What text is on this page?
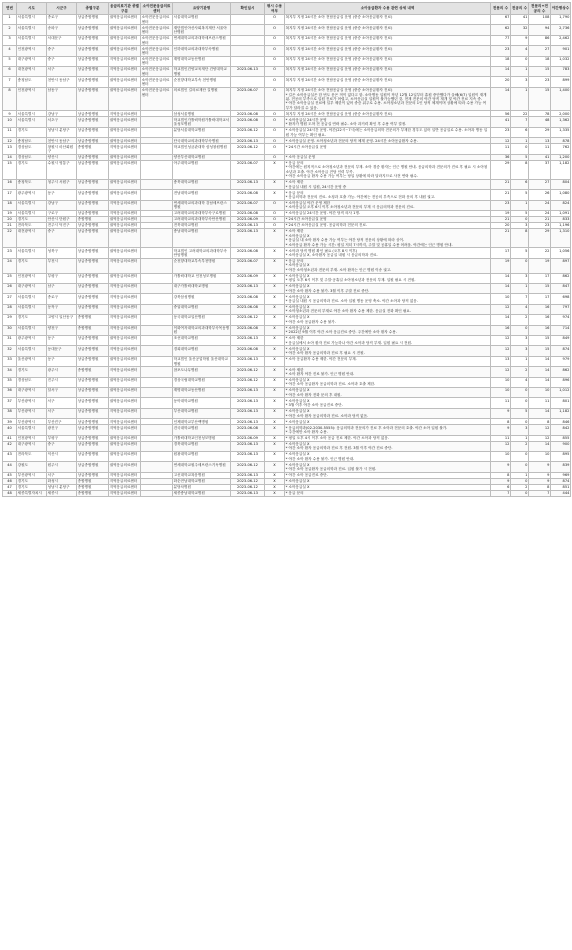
연번	시도	시군구	종별구분	응급의료기관 종별구분	소아전문응급의료센터	요양기관명	확인일시	평시 수용 여부	소아응급환자 수용 관련 상세 내역	전문의 수	전공의 수	전문의+전공의 수	야간병상수
1	서울특별시	종로구	상급종합병원	권역응급의료센터	소아전문응급의료센터	서울대학교병원		O	복지부 지정 24시간 소아 전담응급실 운영 (중증 소아응급환자 진료)	67	41	108	1,790
2	서울특별시	송파구	상급종합병원	권역응급의료센터	소아전문응급의료센터	재단법인아산사회복지재단 서울아산병원		O	복지부 지정 24시간 소아 전담응급실 운영 (중증 소아응급환자 진료)	62	32	94	2,736
3	서울특별시	서대문구	상급종합병원	권역응급의료센터	소아전문응급의료센터	연세대학교의과대학세브란스병원		O	복지부 지정 24시간 소아 전담응급실 운영 (중증 소아응급환자 진료)	77	9	86	2,462
4	인천광역시	중구	상급종합병원	권역응급의료센터	소아전문응급의료센터	인하대학교의과대학부속병원		O	복지부 지정 24시간 소아 전담응급실 운영 (중증 소아응급환자 진료)	23	4	27	901
5	대구광역시	중구	상급종합병원	지역응급의료센터	소아전문응급의료센터	계명대학교동산병원		O	복지부 지정 24시간 소아 전담응급실 운영 (중증 소아응급환자 진료)	18	0	18	1,032
6	대전광역시	서구	상급종합병원	지역응급의료센터	소아전문응급의료센터	학교법인건양교육재단 건양대학교병원	2023-06-13	O	복지부 지정 24시간 소아 전담응급실 운영 (중증 소아응급환자 진료)	14	1	15	783
7	충청남도	천안시 동남구	상급종합병원	권역응급의료센터	소아전문응급의료센터	순천향대학교부속 천안병원		O	복지부 지정 24시간 소아 전담응급실 운영 (중증 소아응급환자 진료)	20	3	23	899
8	인천광역시	남동구	상급종합병원	권역응급의료센터	소아전문응급의료센터	의료법인 길의료재단 길병원	2023-06-07	O	복지부 지정 24시간 소아 전담응급실 운영 (중증 소아응급환자 진료)
* 길은 소아응급실은 한 번도 문은 적이 없다고 함. 소아병동 입원이 작년 12월 12일부터 휴원 중단했다가 올해(6/7) 입원이 재개됨. 전공의 부족으로 입원 진료가 어렵고, 소아응급실 입원이 불가능했던 것. 현재 전문의 야간 당직 재개 및 야간 진료 지속 중.
* 야간 소아응급실 진료에 일부 제한이 있어 중증 위주로 수용. 소아청소년과 전문의 1인 당직 체계이며 상황에 따라 수용 가능 여부가 달라질 수 있음.	14	1	15	1,400
9	서울특별시	강남구	상급종합병원	지역응급의료센터		삼성서울병원	2023-06-08	O	복지부 지정 24시간 소아 전담응급실 운영 (중증 소아응급환자 진료)	56	22	78	2,000
10	서울특별시	서초구	상급종합병원	권역응급의료센터		학교법인가톨릭학원가톨릭대학교서울성모병원	2023-06-08	O	* 소아응급실 24시간 운영
* 환자가 병원 도착 전 응급실 연락 필수. 소아 과거력 확인 후 수용 여부 결정.	41	7	48	1,362
11	경기도	성남시 분당구	상급종합병원	권역응급의료센터		분당서울대학교병원	2023-06-12	O	* 소아응급실 24시간 운영. 야간(22시~7시)에는 소아응급의학 전문의가 부재한 경우도 있어 일반 응급실로 수용. 소아과 병동 입원 가능 여부는 확인 필요.	23	6	29	1,335
12	충청남도	천안시 동남구	상급종합병원	권역응급의료센터		단국대학교의과대학부속병원	2023-06-13	O	* 소아응급실 운영. 소아청소년과 전문의 당직 체계 운영. 24시간 소아응급환자 수용.	12	1	13	878
13	경상남도	창원시 마산회원구	종합병원	지역응급의료센터		학교법인성균관대학 삼성창원병원	2023-06-12	O	* 24시간 소아응급실 운영	11	0	11	762
14	경상남도	양산시	상급종합병원	권역응급의료센터		양산부산대학교병원		O	* 소아 응급실 운영	36	5	41	1,200
15	경기도	수원시 영통구	상급종합병원	권역응급의료센터		아주대학교병원	2023-06-07	X	* 응급 문의
* 야간에는 원칙적으로 소아청소년과 전문의 부재. 소아 경증 환자는 인근 병원 안내. 응급의학과 전문의가 진료 후 필요 시 소아청소년과 호출. 야간 소아응급 전담 인력 부족.
* 야간 소아응급 환자 수용 가능 여부는 당일 상황에 따라 달라지므로 사전 연락 필수.	29	8	37	1,182
16	충청북도	청주시 서원구	상급종합병원	권역응급의료센터		충북대학교병원	2023-06-13	X	* 소아 제한
* 응급실 내원 시 입원, 24시간 운영 중	21	6	27	804
17	광주광역시	동구	상급종합병원	권역응급의료센터		전남대학교병원	2023-06-08	X	* 응급 문의
* 응급의학과 전문의 진료. 소청과 호출 가능. 야간에는 전공의 부족으로 전화 문의 후 내원 권고.	21	5	26	1,080
18	서울특별시	강남구	상급종합병원	지역응급의료센터		연세대학교의과대학 강남세브란스병원	2023-06-07	O	* 소아응급실 야간 운영 제한
* 소아응급실 오후 6시 이후 소아청소년과 전문의 부재 시 응급의학과 전문의 진료.	23	1	24	824
19	서울특별시	구로구	상급종합병원	지역응급의료센터		고려대학교의과대학부속구로병원	2023-06-08	O	* 소아응급실 24시간 운영. 야간 당직 의사 1명.	19	5	24	1,091
20	경기도	안산시 단원구	종합병원	권역응급의료센터		고려대학교의과대학부속안산병원	2023-06-09	O	* 24시간 소아응급실 운영	21	0	21	833
21	전라북도	전주시 덕진구	상급종합병원	권역응급의료센터		전북대학교병원	2023-06-13	O	* 24시간 소아응급실 운영. 응급의학과 전문의 진료.	20	3	23	1,196
22	대전광역시	중구	상급종합병원	권역응급의료센터		충남대학교병원	2023-06-13	X	* 소아 제한
* 소아응급실 X
* 응급실 내 소아 환자 수용 가능 여부는 야간 당직 전문의 상황에 따라 상이.
* 소아응급 환자 수용 가능 시간: 평일 저녁 7시까지, 주말 및 공휴일 수용 어려움. 야간에는 인근 병원 안내.	21	8	29	1,310
23	서울특별시	성북구	상급종합병원	권역응급의료센터		학교법인 고려대학교의과대학부속안암병원	2023-06-08	X	* 소아과 당직 병원 확인 필요 (오후 8시 이후)
* 소아응급실 X, 소아환자 응급실 내원 시 응급의학과 진료.	17	5	22	1,056
24	경기도	부천시	상급종합병원	지역응급의료센터		순천향대학교부속부천병원	2023-06-07	X	* 응급 문의
* 소아응급실 X
* 야간 소아청소년과 전문의 부재. 소아 환자는 인근 병원 이송 권고.	19	0	19	897
25	인천광역시	부평구	상급종합병원	권역응급의료센터		가톨릭대학교 인천성모병원	2023-06-09	X	* 소아응급실 X
* 평일 오후 6시 이후 및 주말·공휴일 소아청소년과 전문의 부재. 입원 필요 시 전원.	14	3	17	862
26	대구광역시	남구	상급종합병원	지역응급의료센터		대구가톨릭대학교병원	2023-06-13	X	* 소아응급실 X
* 야간 소아 환자 수용 불가. 3월 이후 주말 진료 중단.	14	1	15	847
27	서울특별시	종로구	상급종합병원	지역응급의료센터		강북삼성병원	2023-06-08	X	* 소아응급실 X
* 응급실 내원 시 응급의학과 진료. 소아 입원 병동 운영 축소. 야간 소아과 당직 없음.	10	7	17	698
28	서울특별시	동작구	상급종합병원	지역응급의료센터		중앙대학교병원	2023-06-08	X	* 소아응급실 X
* 소아청소년과 전문의 부재로 야간 소아 환자 수용 제한. 응급실 전화 확인 필요.	12	4	16	797
29	경기도	고양시 일산동구	종합병원	지역응급의료센터		동국대학교일산병원	2023-06-12	X	* 소아응급실 X
* 야간 소아 응급환자 수용 불가.	14	2	16	974
30	서울특별시	양천구	종합병원	지역응급의료센터		이화여자대학교의과대학부속목동병원	2023-06-08	X	* 소아응급실 X
* 2022년 9월 이후 야간 소아 응급진료 중단. 주간에만 소아 환자 수용.	16	0	16	714
31	광주광역시	동구	상급종합병원	권역응급의료센터		조선대학교병원	2023-06-13	X	* 소아 제한
* 응급실에서 소아 환자 진료 가능하나 야간 소아과 당직 부재. 입원 필요 시 전원.	12	3	15	849
32	서울특별시	동대문구	상급종합병원	지역응급의료센터		경희대학교병원	2023-06-08	X	* 소아응급실 X
* 야간 소아 환자 응급의학과 진료 후 필요 시 전원.	12	3	15	874
33	울산광역시	동구	상급종합병원	권역응급의료센터		학교법인 울산공업학원 울산대학교병원	2023-06-13	X	* 소아 응급환자 수용 제한. 야간 전문의 부재.	13	1	14	979
34	경기도	광주시	종합병원	지역응급의료센터		참포도나무병원	2023-06-12	X	* 소아 제한
* 소아 환자 야간 진료 불가. 인근 병원 안내.	12	2	14	862
35	경상남도	진주시	상급종합병원	권역응급의료센터		경상국립대학교병원	2023-06-12	X	* 소아응급실 X
* 야간 소아 응급환자 응급의학과 진료. 소아과 호출 제한.	10	4	14	896
36	대구광역시	달서구	상급종합병원	권역응급의료센터		계명대학교동산병원	2023-06-13	X	* 소아응급실 X
* 야간 소아 환자 전화 문의 후 내원.	10	0	10	1,012
37	부산광역시	서구	상급종합병원	권역응급의료센터		동아대학교병원	2023-06-13	X	* 소아응급실 X
* 3월 이후 야간 소아 응급진료 중단.	11	0	11	801
38	부산광역시	서구	상급종합병원	지역응급의료센터		부산대학교병원	2023-06-13	X	* 소아응급실 X
* 야간 소아 환자 응급의학과 진료. 소아과 당직 없음.	9	5	14	1,182
39	부산광역시	부산진구	상급종합병원	지역응급의료센터		인제대학교부산백병원	2023-06-13	X	* 소아응급실 X	8	0	8	846
40	서울특별시	광진구	상급종합병원	지역응급의료센터		건국대학교병원	2023-06-08	X	* 응급의학과(02-2030-5555): 응급의학과 전문의가 진료 후 소아과 전문의 호출. 야간 소아 입원 불가.
* 주간에만 소아 환자 수용.	9	3	12	842
41	인천광역시	부평구	상급종합병원	권역응급의료센터		가톨릭대학교인천성모병원	2023-06-09	X	* 평일 오후 4시 이후 소아 응급 진료 제한. 야간 소아과 당직 없음.	11	1	12	855
42	대구광역시	중구	상급종합병원	권역응급의료센터		경북대학교병원	2023-06-13	X	* 소아응급실 X
* 야간 소아 환자 응급의학과 진료 후 전원. 3월 이후 야간 진료 중단.	12	2	14	900
43	전라북도	익산시	상급종합병원	권역응급의료센터		원광대학교병원	2023-06-13	X	* 소아응급실 X
* 야간 소아 환자 수용 불가. 인근 병원 안내.	10	0	10	895
44	강원도	원주시	상급종합병원	권역응급의료센터		연세대학교원주세브란스기독병원	2023-06-12	X	* 소아응급실 X
* 야간 소아 응급환자 응급의학과 진료. 입원 불가 시 전원.	9	0	9	839
45	부산광역시	서구	상급종합병원	지역응급의료센터		고신대학교복음병원	2023-06-13	X	* 야간 소아 응급진료 중단.	8	1	9	969
46	경기도	화성시	종합병원	지역응급의료센터		화순전남대학교병원	2023-06-12	X	* 소아응급실 X	9	0	9	874
47	경기도	성남시 분당구	종합병원	지역응급의료센터		분당차병원	2023-06-12	X	* 소아응급실 X	6	2	8	851
48	세종특별자치시	세종시	종합병원	지역응급의료센터		세종충남대학교병원	2023-06-13	X	* 응급 문의	7	0	7	444
